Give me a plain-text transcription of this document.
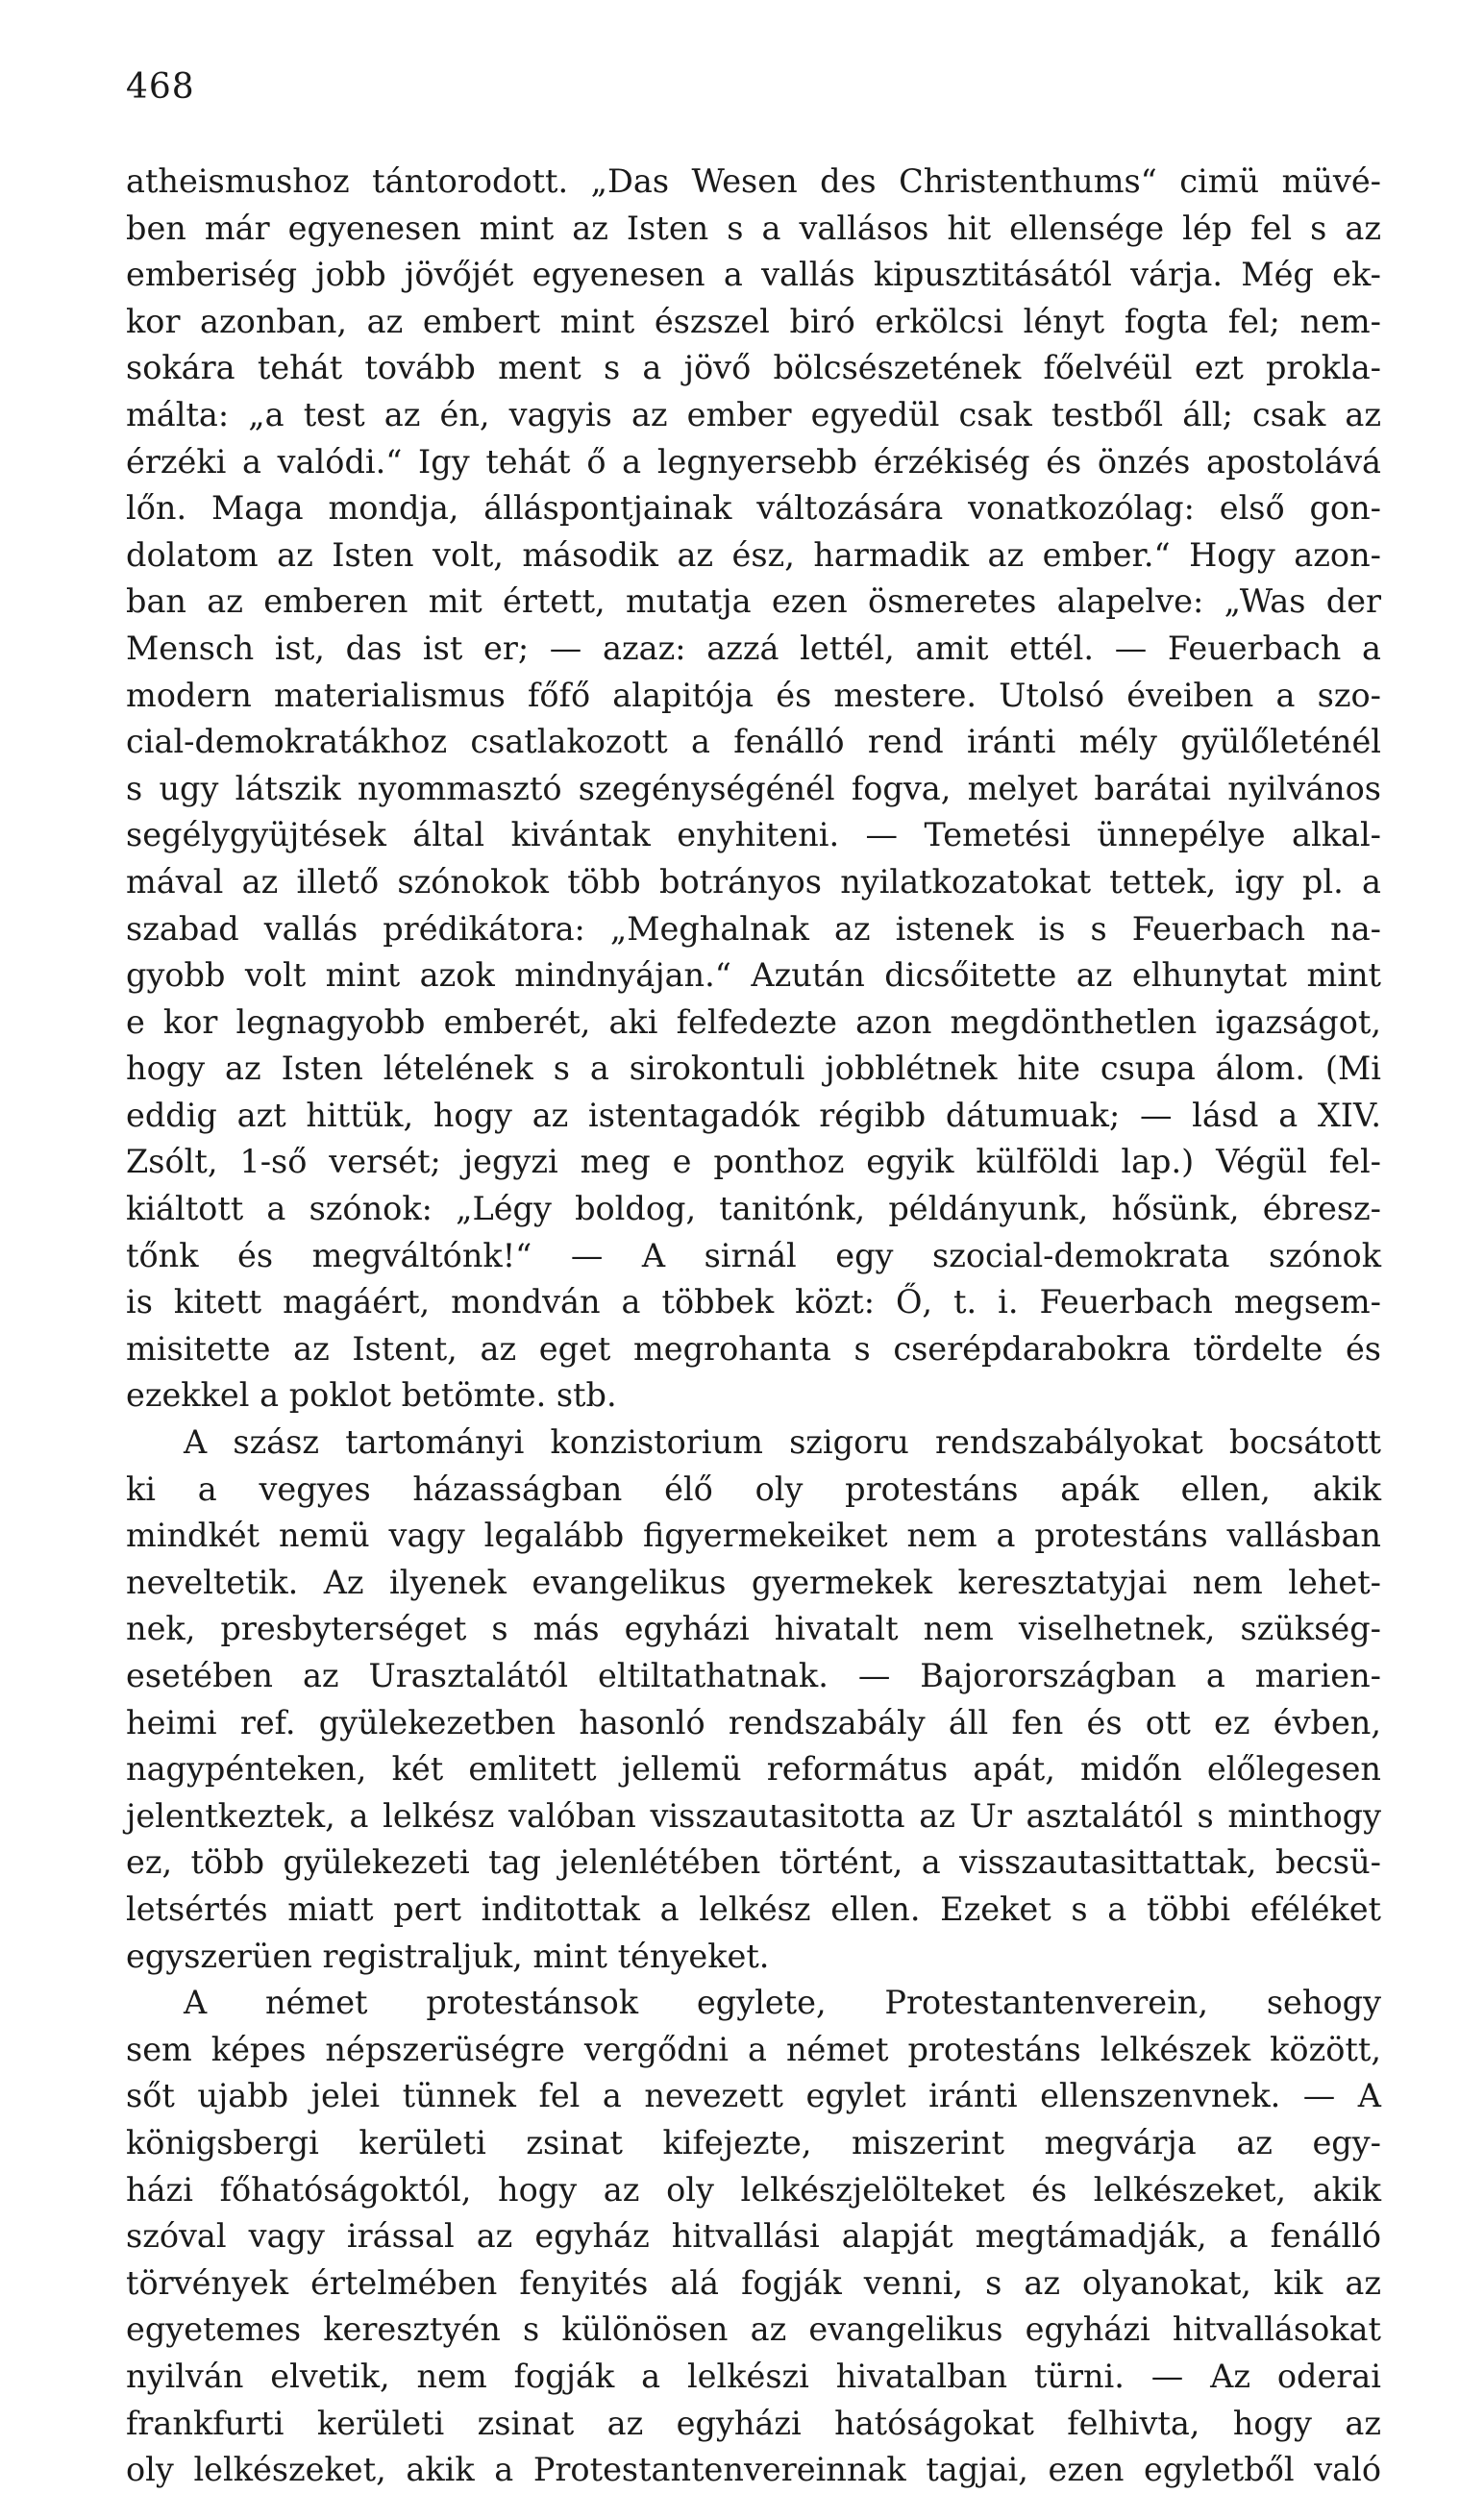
468
atheismushoz tántorodott. „Das Wesen des Christenthums“ cimü müvé-
ben már egyenesen mint az Isten s a vallásos hit ellensége lép fel s az
emberiség jobb jövőjét egyenesen a vallás kipusztitásától várja. Még ek-
kor azonban, az embert mint észszel biró erkölcsi lényt fogta fel; nem-
sokára tehát tovább ment s a jövő bölcsészetének főelvéül ezt prokla-
málta: „a test az én, vagyis az ember egyedül csak testből áll; csak az
érzéki a valódi.“ Igy tehát ő a legnyersebb érzékiség és önzés apostolává
lőn. Maga mondja, álláspontjainak változására vonatkozólag: első gon-
dolatom az Isten volt, második az ész, harmadik az ember.“ Hogy azon-
ban az emberen mit értett, mutatja ezen ösmeretes alapelve: „Was der
Mensch ist, das ist er; — azaz: azzá lettél, amit ettél. — Feuerbach a
modern materialismus főfő alapitója és mestere. Utolsó éveiben a szo-
cial-demokratákhoz csatlakozott a fenálló rend iránti mély gyülőleténél
s ugy látszik nyommasztó szegénységénél fogva, melyet barátai nyilvános
segélygyüjtések által kivántak enyhiteni. — Temetési ünnepélye alkal-
mával az illető szónokok több botrányos nyilatkozatokat tettek, igy pl. a
szabad vallás prédikátora: „Meghalnak az istenek is s Feuerbach na-
gyobb volt mint azok mindnyájan.“ Azután dicsőitette az elhunytat mint
e kor legnagyobb emberét, aki felfedezte azon megdönthetlen igazságot,
hogy az Isten lételének s a sirokontuli jobblétnek hite csupa álom. (Mi
eddig azt hittük, hogy az istentagadók régibb dátumuak; — lásd a XIV.
Zsólt, 1-ső versét; jegyzi meg e ponthoz egyik külföldi lap.) Végül fel-
kiáltott a szónok: „Légy boldog, tanitónk, példányunk, hősünk, ébresz-
tőnk és megváltónk!“ — A sirnál egy szocial-demokrata szónok
is kitett magáért, mondván a többek közt: Ő, t. i. Feuerbach megsem-
misitette az Istent, az eget megrohanta s cserépdarabokra tördelte és
ezekkel a poklot betömte. stb.
A szász tartományi konzistorium szigoru rendszabályokat bocsátott
ki a vegyes házasságban élő oly protestáns apák ellen, akik
mindkét nemü vagy legalább figyermekeiket nem a protestáns vallásban
neveltetik. Az ilyenek evangelikus gyermekek keresztatyjai nem lehet-
nek, presbyterséget s más egyházi hivatalt nem viselhetnek, szükség-
esetében az Urasztalától eltiltathatnak. — Bajorországban a marien-
heimi ref. gyülekezetben hasonló rendszabály áll fen és ott ez évben,
nagypénteken, két emlitett jellemü református apát, midőn előlegesen
jelentkeztek, a lelkész valóban visszautasitotta az Ur asztalától s minthogy
ez, több gyülekezeti tag jelenlétében történt, a visszautasittattak, becsü-
letsértés miatt pert inditottak a lelkész ellen. Ezeket s a többi eféléket
egyszerüen registraljuk, mint tényeket.
A német protestánsok egylete, Protestantenverein, sehogy
sem képes népszerüségre vergődni a német protestáns lelkészek között,
sőt ujabb jelei tünnek fel a nevezett egylet iránti ellenszenvnek. — A
königsbergi kerületi zsinat kifejezte, miszerint megvárja az egy-
házi főhatóságoktól, hogy az oly lelkészjelölteket és lelkészeket, akik
szóval vagy irással az egyház hitvallási alapját megtámadják, a fenálló
törvények értelmében fenyités alá fogják venni, s az olyanokat, kik az
egyetemes keresztyén s különösen az evangelikus egyházi hitvallásokat
nyilván elvetik, nem fogják a lelkészi hivatalban türni. — Az oderai
frankfurti kerületi zsinat az egyházi hatóságokat felhivta, hogy az
oly lelkészeket, akik a Protestantenvereinnak tagjai, ezen egyletből való
